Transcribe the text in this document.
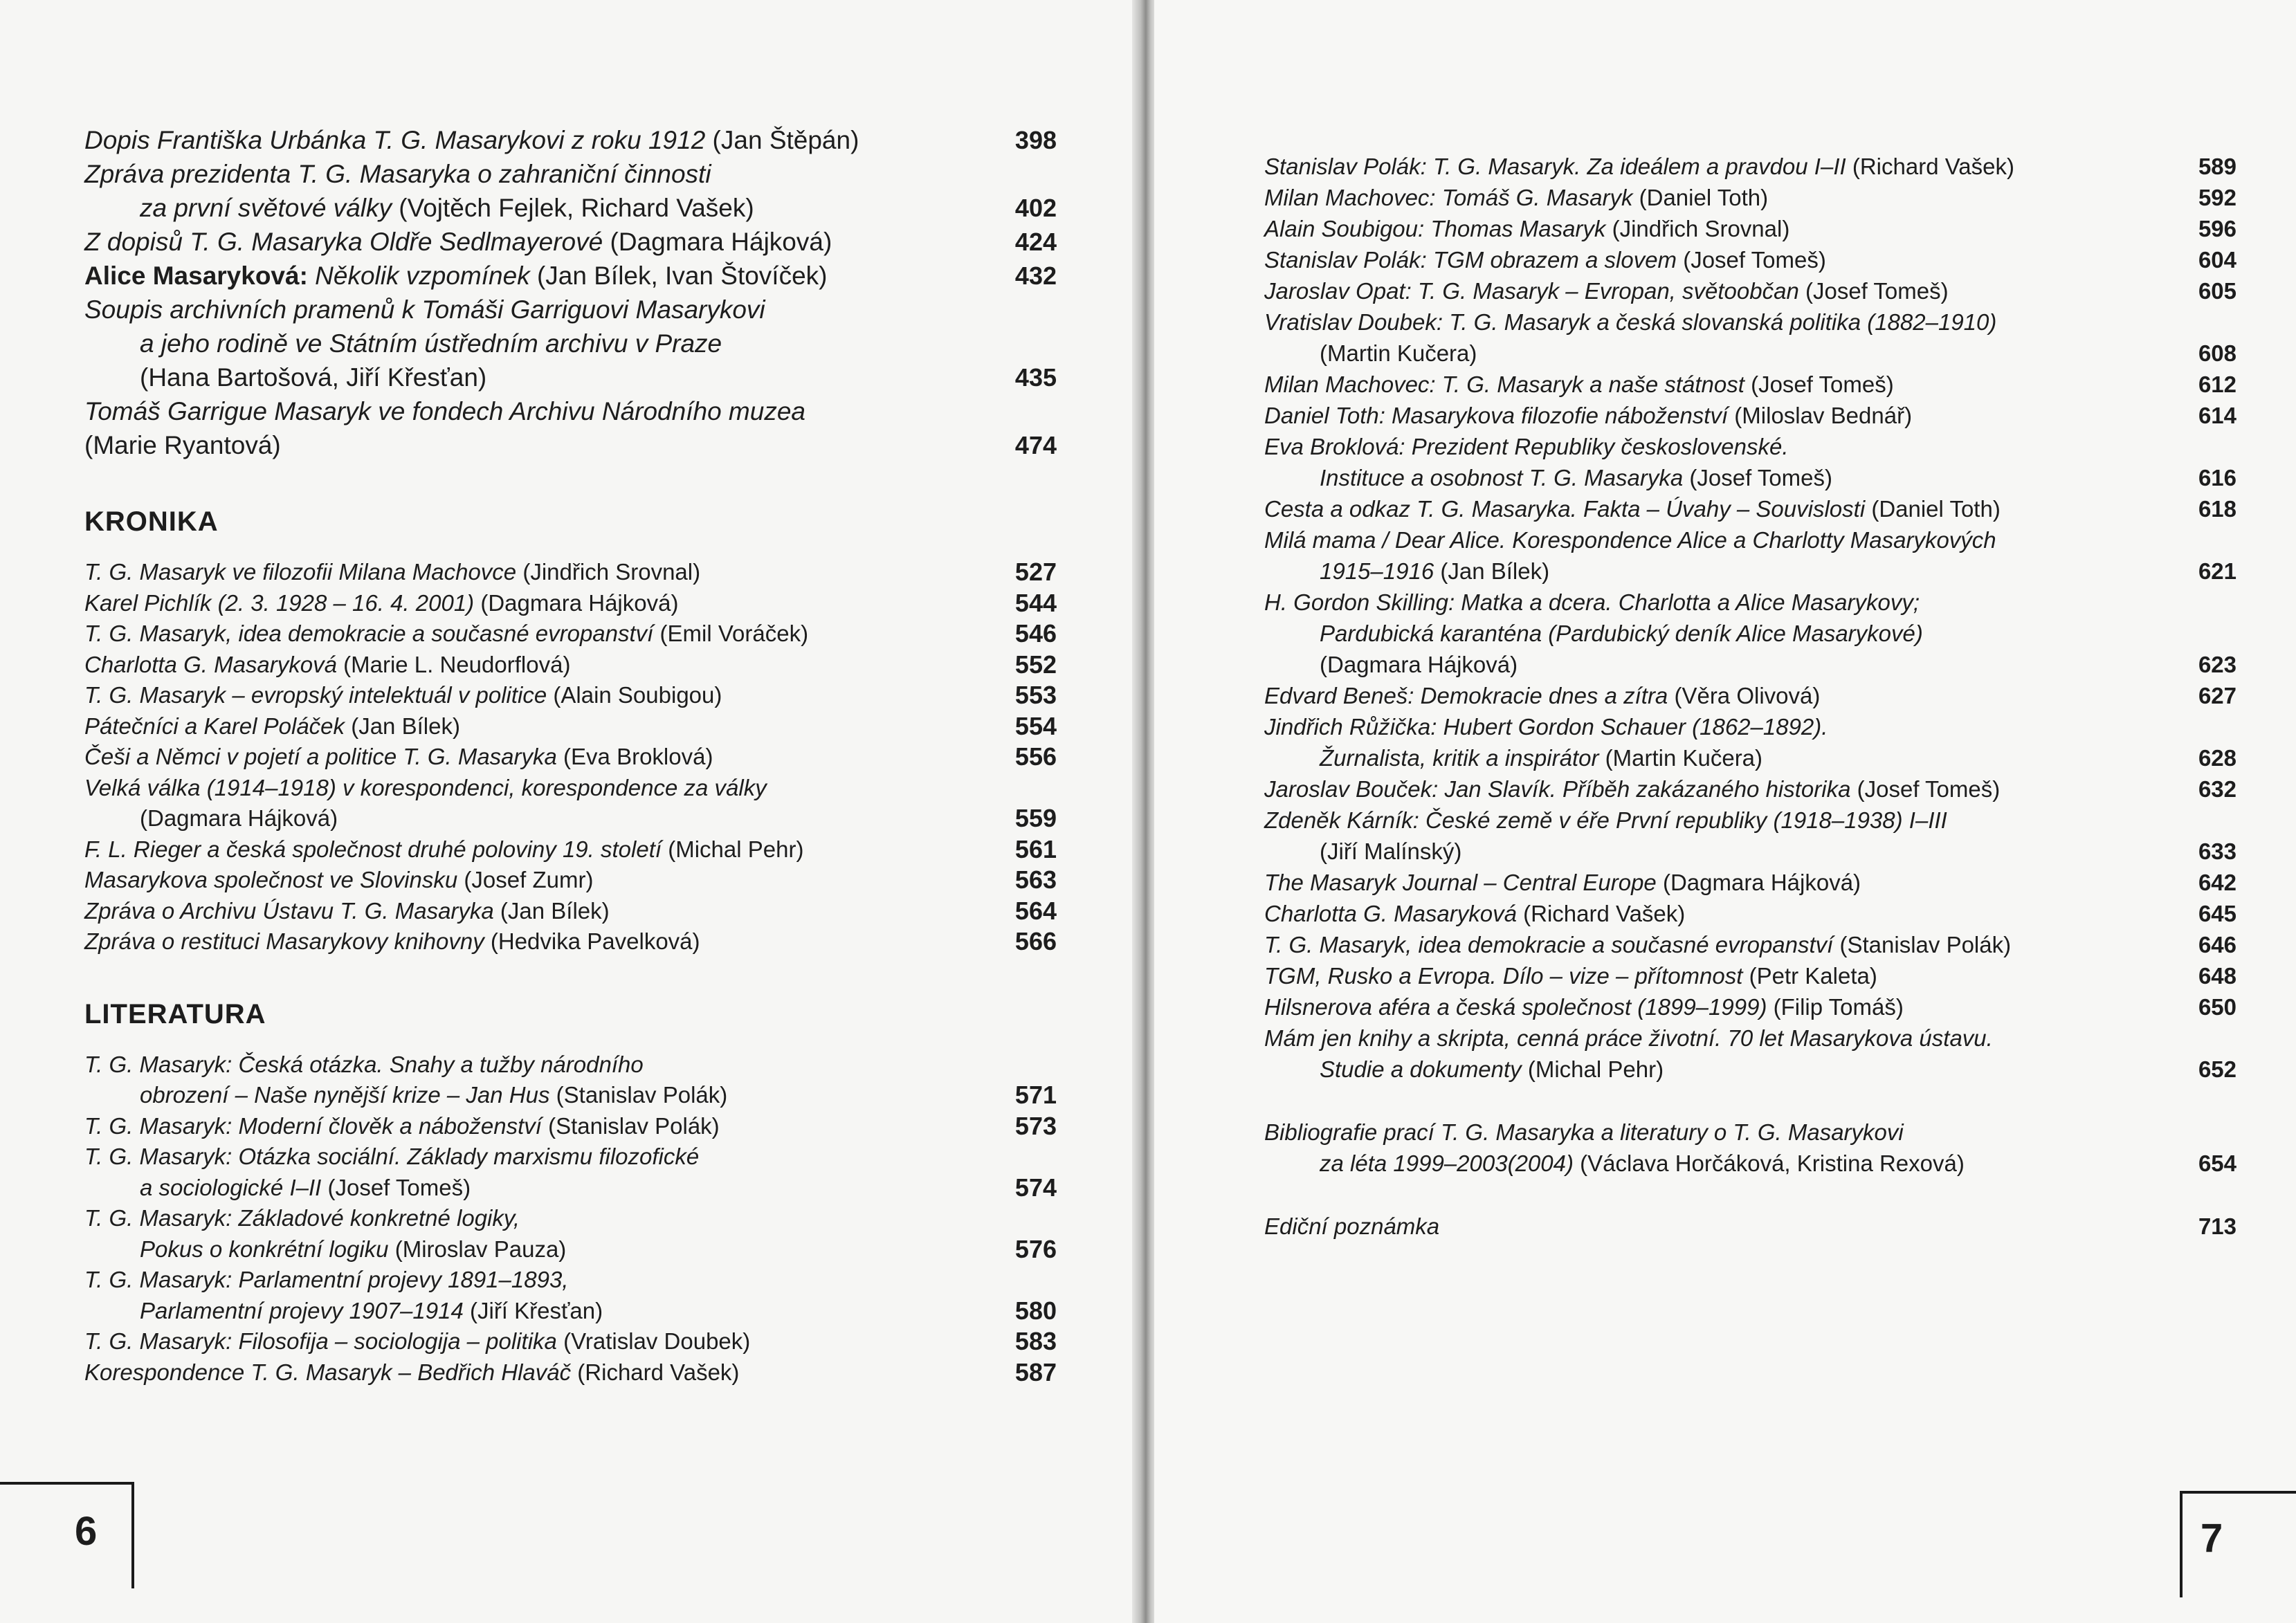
Dopis Františka Urbánka T. G. Masarykovi z roku 1912 (Jan Štěpán)	398
Zpráva prezidenta T. G. Masaryka o zahraniční činnosti
za první světové války (Vojtěch Fejlek, Richard Vašek)	402
Z dopisů T. G. Masaryka Oldře Sedlmayerové (Dagmara Hájková)	424
Alice Masaryková: Několik vzpomínek (Jan Bílek, Ivan Štovíček)	432
Soupis archivních pramenů k Tomáši Garriguovi Masarykovi
a jeho rodině ve Státním ústředním archivu v Praze
(Hana Bartošová, Jiří Křesťan)	435
Tomáš Garrigue Masaryk ve fondech Archivu Národního muzea
(Marie Ryantová)	474
KRONIKA
T. G. Masaryk ve filozofii Milana Machovce (Jindřich Srovnal)	527
Karel Pichlík (2. 3. 1928 – 16. 4. 2001) (Dagmara Hájková)	544
T. G. Masaryk, idea demokracie a současné evropanství (Emil Voráček)	546
Charlotta G. Masaryková (Marie L. Neudorflová)	552
T. G. Masaryk – evropský intelektuál v politice (Alain Soubigou)	553
Pátečníci a Karel Poláček (Jan Bílek)	554
Češi a Němci v pojetí a politice T. G. Masaryka (Eva Broklová)	556
Velká válka (1914–1918) v korespondenci, korespondence za války
(Dagmara Hájková)	559
F. L. Rieger a česká společnost druhé poloviny 19. století (Michal Pehr)	561
Masarykova společnost ve Slovinsku (Josef Zumr)	563
Zpráva o Archivu Ústavu T. G. Masaryka (Jan Bílek)	564
Zpráva o restituci Masarykovy knihovny (Hedvika Pavelková)	566
LITERATURA
T. G. Masaryk: Česká otázka. Snahy a tužby národního
obrození – Naše nynější krize – Jan Hus (Stanislav Polák)	571
T. G. Masaryk: Moderní člověk a náboženství (Stanislav Polák)	573
T. G. Masaryk: Otázka sociální. Základy marxismu filozofické
a sociologické I–II (Josef Tomeš)	574
T. G. Masaryk: Základové konkretné logiky,
Pokus o konkrétní logiku (Miroslav Pauza)	576
T. G. Masaryk: Parlamentní projevy 1891–1893,
Parlamentní projevy 1907–1914 (Jiří Křesťan)	580
T. G. Masaryk: Filosofija – sociologija – politika (Vratislav Doubek)	583
Korespondence T. G. Masaryk – Bedřich Hlaváč (Richard Vašek)	587
6
Stanislav Polák: T. G. Masaryk. Za ideálem a pravdou I–II (Richard Vašek)	589
Milan Machovec: Tomáš G. Masaryk (Daniel Toth)	592
Alain Soubigou: Thomas Masaryk (Jindřich Srovnal)	596
Stanislav Polák: TGM obrazem a slovem (Josef Tomeš)	604
Jaroslav Opat: T. G. Masaryk – Evropan, světoobčan (Josef Tomeš)	605
Vratislav Doubek: T. G. Masaryk a česká slovanská politika (1882–1910)
(Martin Kučera)	608
Milan Machovec: T. G. Masaryk a naše státnost (Josef Tomeš)	612
Daniel Toth: Masarykova filozofie náboženství (Miloslav Bednář)	614
Eva Broklová: Prezident Republiky československé.
Instituce a osobnost T. G. Masaryka (Josef Tomeš)	616
Cesta a odkaz T. G. Masaryka. Fakta – Úvahy – Souvislosti (Daniel Toth)	618
Milá mama / Dear Alice. Korespondence Alice a Charlotty Masarykových
1915–1916 (Jan Bílek)	621
H. Gordon Skilling: Matka a dcera. Charlotta a Alice Masarykovy;
Pardubická karanténa (Pardubický deník Alice Masarykové)
(Dagmara Hájková)	623
Edvard Beneš: Demokracie dnes a zítra (Věra Olivová)	627
Jindřich Růžička: Hubert Gordon Schauer (1862–1892).
Žurnalista, kritik a inspirátor (Martin Kučera)	628
Jaroslav Bouček: Jan Slavík. Příběh zakázaného historika (Josef Tomeš)	632
Zdeněk Kárník: České země v éře První republiky (1918–1938) I–III
(Jiří Malínský)	633
The Masaryk Journal – Central Europe (Dagmara Hájková)	642
Charlotta G. Masaryková (Richard Vašek)	645
T. G. Masaryk, idea demokracie a současné evropanství (Stanislav Polák)	646
TGM, Rusko a Evropa. Dílo – vize – přítomnost (Petr Kaleta)	648
Hilsnerova aféra a česká společnost (1899–1999) (Filip Tomáš)	650
Mám jen knihy a skripta, cenná práce životní. 70 let Masarykova ústavu.
Studie a dokumenty (Michal Pehr)	652
Bibliografie prací T. G. Masaryka a literatury o T. G. Masarykovi
za léta 1999–2003(2004) (Václava Horčáková, Kristina Rexová)	654
Ediční poznámka	713
7
